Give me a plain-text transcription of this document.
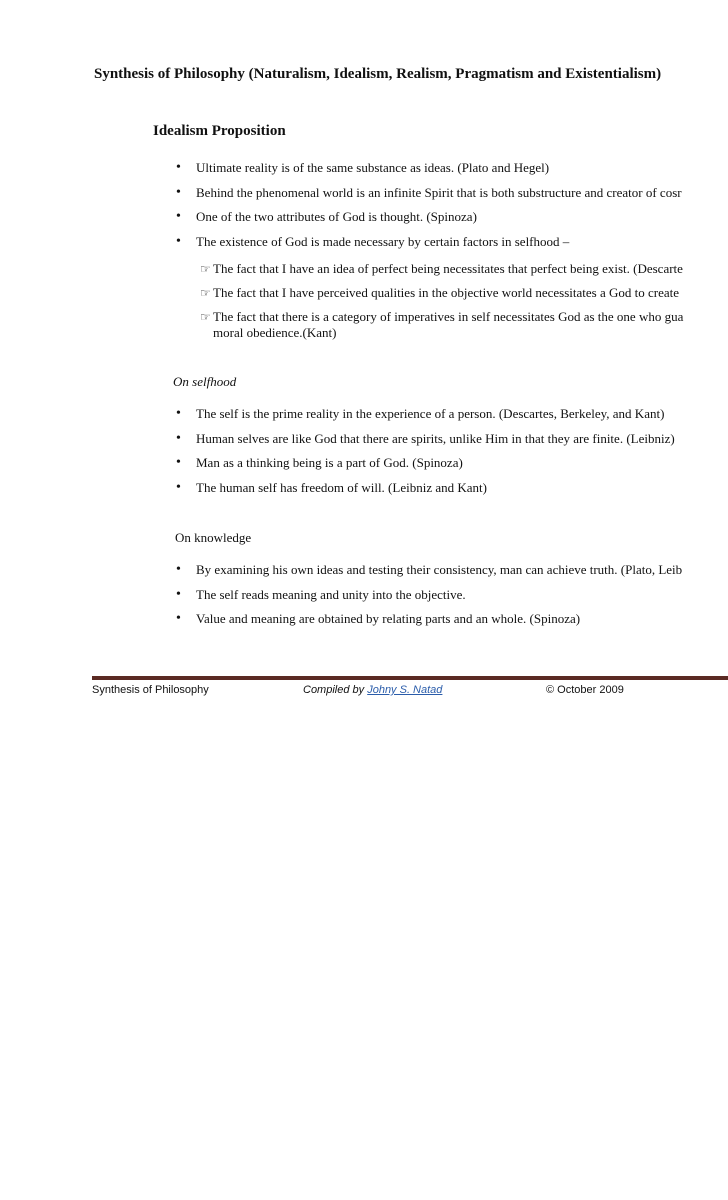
Synthesis of Philosophy (Naturalism, Idealism, Realism, Pragmatism and Existentialism)
Idealism Proposition
• Ultimate reality is of the same substance as ideas. (Plato and Hegel)
• Behind the phenomenal world is an infinite Spirit that is both substructure and creator of cosr
• One of the two attributes of God is thought. (Spinoza)
• The existence of God is made necessary by certain factors in selfhood –
☞ The fact that I have an idea of perfect being necessitates that perfect being exist. (Descarte
☞ The fact that I have perceived qualities in the objective world necessitates a God to create
☞ The fact that there is a category of imperatives in self necessitates God as the one who gua
moral obedience.(Kant)
On selfhood
• The self is the prime reality in the experience of a person. (Descartes, Berkeley, and Kant)
• Human selves are like God that there are spirits, unlike Him in that they are finite. (Leibniz)
• Man as a thinking being is a part of God. (Spinoza)
• The human self has freedom of will. (Leibniz and Kant)
On knowledge
• By examining his own ideas and testing their consistency, man can achieve truth. (Plato, Leib
• The self reads meaning and unity into the objective.
• Value and meaning are obtained by relating parts and an whole. (Spinoza)
Synthesis of Philosophy	Compiled by Johny S. Natad	© October 2009
